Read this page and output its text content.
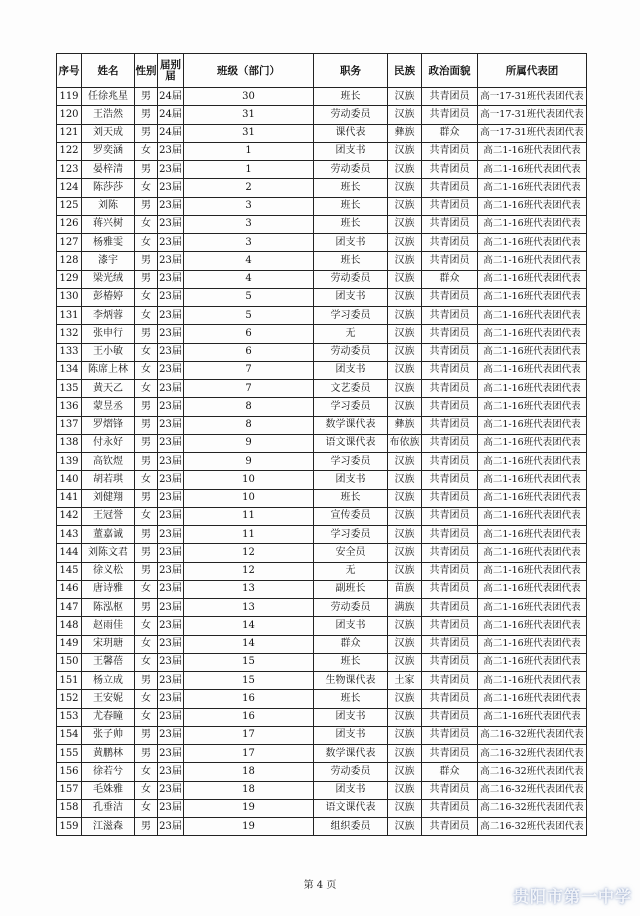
序号	姓名	性别	届别届	班级（部门）	职务	民族	政治面貌	所属代表团
119	任徐兆星	男	24届	30	班长	汉族	共青团员	高一17-31班代表团代表
120	王浩然	男	24届	31	劳动委员	汉族	共青团员	高一17-31班代表团代表
121	刘天成	男	24届	31	课代表	彝族	群众	高一17-31班代表团代表
122	罗奕涵	女	23届	1	团支书	汉族	共青团员	高二1-16班代表团代表
123	晏梓清	男	23届	1	劳动委员	汉族	共青团员	高二1-16班代表团代表
124	陈莎莎	女	23届	2	班长	汉族	共青团员	高二1-16班代表团代表
125	刘陈	男	23届	3	班长	汉族	共青团员	高二1-16班代表团代表
126	蒋兴树	女	23届	3	班长	汉族	共青团员	高二1-16班代表团代表
127	杨雅雯	女	23届	3	团支书	汉族	共青团员	高二1-16班代表团代表
128	漆宇	男	23届	4	班长	汉族	共青团员	高二1-16班代表团代表
129	梁光绒	男	23届	4	劳动委员	汉族	群众	高二1-16班代表团代表
130	彭椿婷	女	23届	5	团支书	汉族	共青团员	高二1-16班代表团代表
131	李炳蓉	女	23届	5	学习委员	汉族	共青团员	高二1-16班代表团代表
132	张申行	男	23届	6	无	汉族	共青团员	高二1-16班代表团代表
133	王小敏	女	23届	6	劳动委员	汉族	共青团员	高二1-16班代表团代表
134	陈席上林	女	23届	7	团支书	汉族	共青团员	高二1-16班代表团代表
135	黄天乙	女	23届	7	文艺委员	汉族	共青团员	高二1-16班代表团代表
136	蒙昱丞	男	23届	8	学习委员	汉族	共青团员	高二1-16班代表团代表
137	罗熠锋	男	23届	8	数学课代表	彝族	共青团员	高二1-16班代表团代表
138	付永好	男	23届	9	语文课代表	布依族	共青团员	高二1-16班代表团代表
139	高钦煜	男	23届	9	学习委员	汉族	共青团员	高二1-16班代表团代表
140	胡若琪	女	23届	10	团支书	汉族	共青团员	高二1-16班代表团代表
141	刘健翔	男	23届	10	班长	汉族	共青团员	高二1-16班代表团代表
142	王冠誉	女	23届	11	宣传委员	汉族	共青团员	高二1-16班代表团代表
143	董嘉诚	男	23届	11	学习委员	汉族	共青团员	高二1-16班代表团代表
144	刘陈文君	男	23届	12	安全员	汉族	共青团员	高二1-16班代表团代表
145	徐义松	男	23届	12	无	汉族	共青团员	高二1-16班代表团代表
146	唐诗雅	女	23届	13	副班长	苗族	共青团员	高二1-16班代表团代表
147	陈泓枢	男	23届	13	劳动委员	满族	共青团员	高二1-16班代表团代表
148	赵雨佳	女	23届	14	团支书	汉族	共青团员	高二1-16班代表团代表
149	宋玥瑭	女	23届	14	群众	汉族	共青团员	高二1-16班代表团代表
150	王馨蓓	女	23届	15	班长	汉族	共青团员	高二1-16班代表团代表
151	杨立成	男	23届	15	生物课代表	土家	共青团员	高二1-16班代表团代表
152	王安妮	女	23届	16	班长	汉族	共青团员	高二1-16班代表团代表
153	尤春瞳	女	23届	16	团支书	汉族	共青团员	高二1-16班代表团代表
154	张子帅	男	23届	17	团支书	汉族	共青团员	高二16-32班代表团代表
155	黄鹏林	男	23届	17	数学课代表	汉族	共青团员	高二16-32班代表团代表
156	徐若兮	女	23届	18	劳动委员	汉族	群众	高二16-32班代表团代表
157	毛姝雅	女	23届	18	团支书	汉族	共青团员	高二16-32班代表团代表
158	孔垂洁	女	23届	19	语文课代表	汉族	共青团员	高二16-32班代表团代表
159	江滋森	男	23届	19	组织委员	汉族	共青团员	高二16-32班代表团代表
第 4 页
贵阳市第一中学
